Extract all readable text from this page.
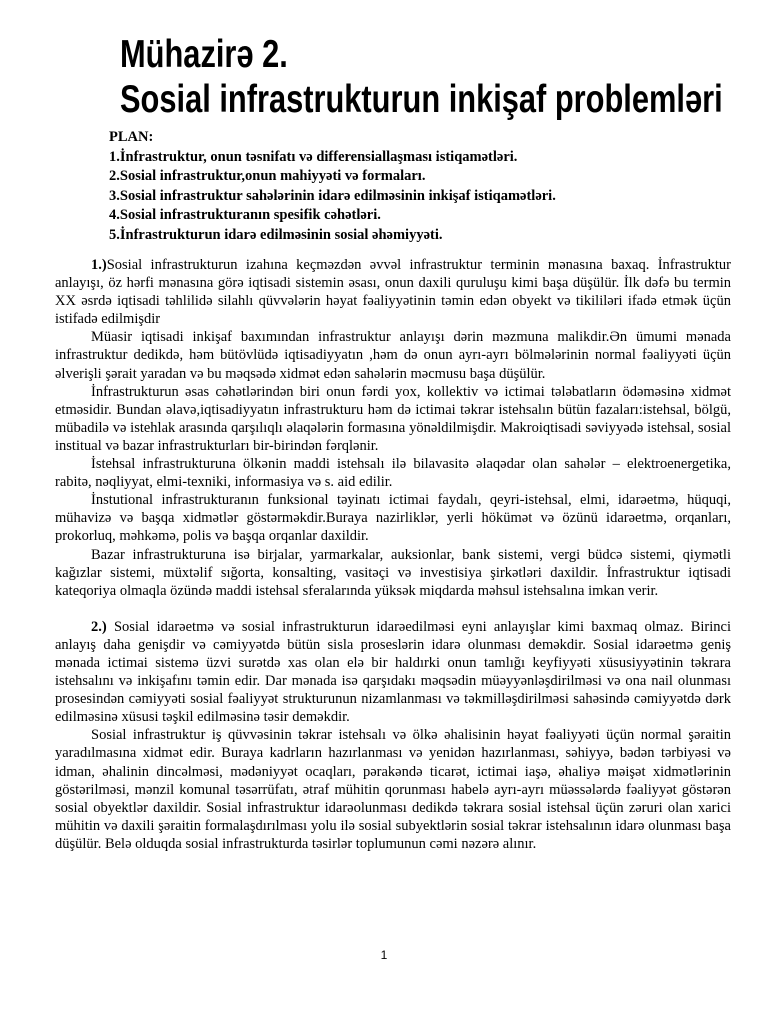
Mühazirə 2.
Sosial infrastrukturun inkişaf problemləri
PLAN:
1.İnfrastruktur, onun təsnifatı və differensiallaşması istiqamətləri.
2.Sosial infrastruktur,onun mahiyyəti və formaları.
3.Sosial infrastruktur sahələrinin idarə edilməsinin inkişaf istiqamətləri.
4.Sosial infrastrukturanın spesifik cəhətləri.
5.İnfrastrukturun idarə edilməsinin sosial əhəmiyyəti.

1.)Sosial infrastrukturun izahına keçməzdən əvvəl infrastruktur terminin mənasına baxaq. İnfrastruktur anlayışı, öz hərfi mənasına görə iqtisadi sistemin əsası, onun daxili quruluşu kimi başa düşülür. İlk dəfə bu termin XX əsrdə iqtisadi təhlilidə silahlı qüvvələrin həyat fəaliyyətinin təmin edən obyekt və tikililəri ifadə etmək üçün istifadə edilmişdir

Müasir iqtisadi inkişaf baxımından infrastruktur anlayışı dərin məzmuna malikdir.Ən ümumi mənada infrastruktur dedikdə, həm bütövlüdə iqtisadiyyatın ,həm də onun ayrı-ayrı bölmələrinin normal fəaliyyəti üçün əlverişli şərait yaradan və bu məqsədə xidmət edən sahələrin məcmusu başa düşülür.

İnfrastrukturun əsas cəhətlərindən biri onun fərdi yox, kollektiv və ictimai tələbatların ödəməsinə xidmət etməsidir. Bundan əlavə,iqtisadiyyatın infrastrukturu həm də ictimai təkrar istehsalın bütün fazaları:istehsal, bölgü, mübadilə və istehlak arasında qarşılıqlı əlaqələrin formasına yönəldilmişdir. Makroiqtisadi səviyyədə istehsal, sosial institual və bazar infrastrukturları bir-birindən fərqlənir.

İstehsal infrastrukturuna ölkənin maddi istehsalı ilə bilavasitə əlaqədar olan sahələr – elektroenergetika, rabitə, nəqliyyat, elmi-texniki, informasiya və s. aid edilir.

İnstutional infrastrukturanın funksional təyinatı ictimai faydalı, qeyri-istehsal, elmi, idarəetmə, hüquqi, mühavizə və başqa xidmətlər göstərməkdir.Buraya nazirliklər, yerli hökümət və özünü idarəetmə, orqanları, prokorluq, məhkəmə, polis və başqa orqanlar daxildir.

Bazar infrastrukturuna isə birjalar, yarmarkalar, auksionlar, bank sistemi, vergi büdcə sistemi, qiymətli kağızlar sistemi, müxtəlif sığorta, konsalting, vasitəçi və investisiya şirkətləri daxildir. İnfrastruktur iqtisadi kateqoriya olmaqla özündə maddi istehsal sferalarında yüksək miqdarda məhsul istehsalına imkan verir.

2.) Sosial idarəetmə və sosial infrastrukturun idarəedilməsi eyni anlayışlar kimi baxmaq olmaz. Birinci anlayış daha genişdir və cəmiyyətdə bütün sisla proseslərin idarə olunması deməkdir. Sosial idarəetmə geniş mənada ictimai sistemə üzvi surətdə xas olan elə bir haldırki onun tamlığı keyfiyyəti xüsusiyyətinin təkrara istehsalını və inkişafını təmin edir. Dar mənada isə qarşıdakı məqsədin müəyyənləşdirilməsi və ona nail olunması prosesindən cəmiyyəti sosial fəaliyyət strukturunun nizamlanması və təkmilləşdirilməsi sahəsində cəmiyyətdə dərk edilməsinə xüsusi təşkil edilməsinə təsir deməkdir.

Sosial infrastruktur iş qüvvəsinin təkrar istehsalı və ölkə əhalisinin həyat fəaliyyəti üçün normal şəraitin yaradılmasına xidmət edir. Buraya kadrların hazırlanması və yenidən hazırlanması, səhiyyə, bədən tərbiyəsi və idman, əhalinin dincəlməsi, mədəniyyət ocaqları, pərakəndə ticarət, ictimai iaşə, əhaliyə məişət xidmətlərinin göstərilməsi, mənzil komunal təsərrüfatı, ətraf mühitin qorunması habelə ayrı-ayrı müəssələrdə fəaliyyət göstərən sosial obyektlər daxildir. Sosial infrastruktur idarəolunması dedikdə təkrara sosial istehsal üçün zəruri olan xarici mühitin və daxili şəraitin formalaşdırılması yolu ilə sosial subyektlərin sosial təkrar istehsalının idarə olunması başa düşülür. Belə olduqda sosial infrastrukturda təsirlər toplumunun cəmi nəzərə alınır.

1
